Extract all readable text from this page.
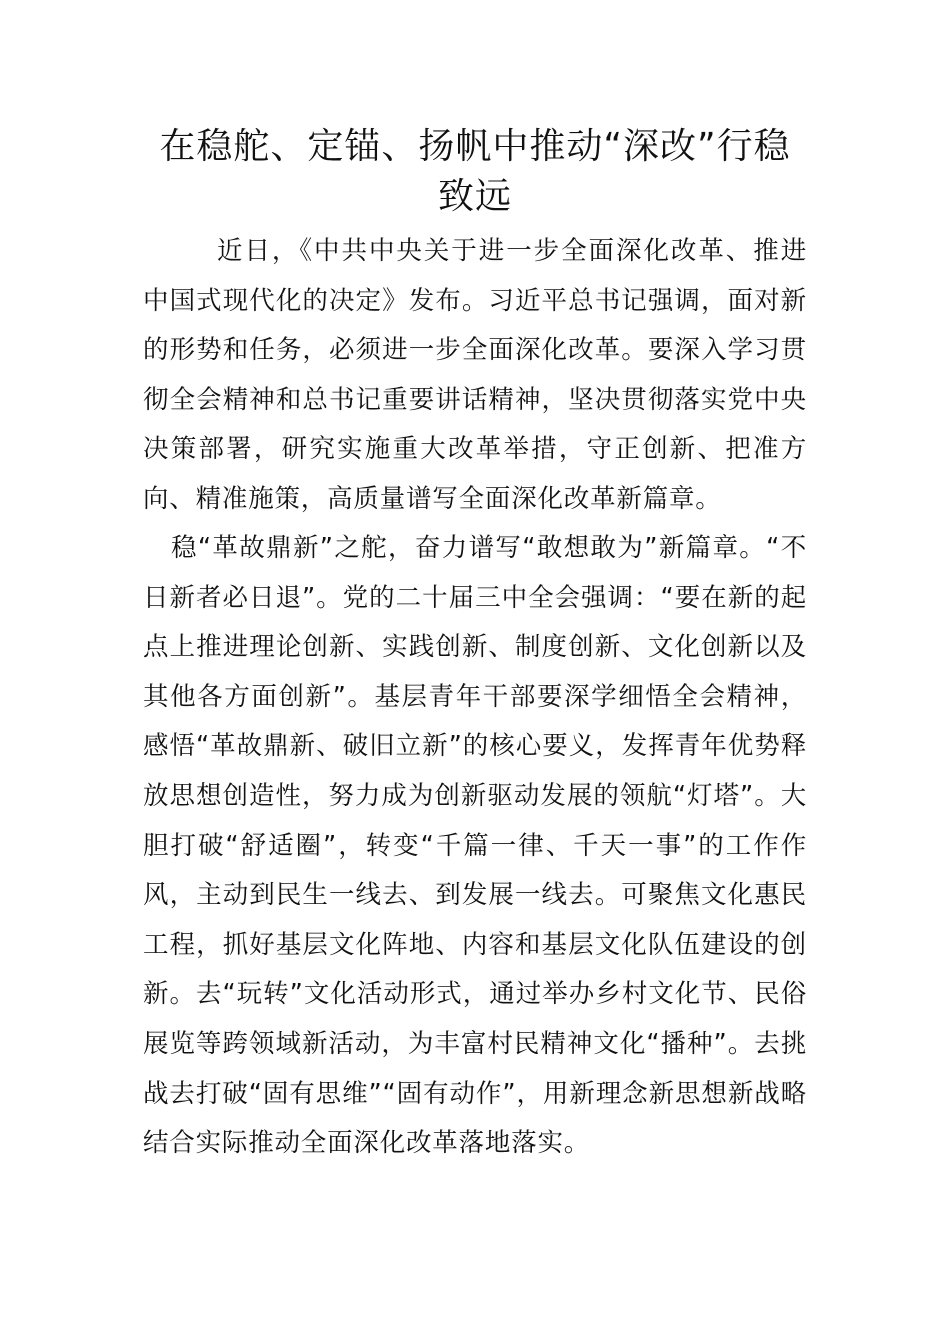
在稳舵、定锚、扬帆中推动“深改”行稳致远

近日，《中共中央关于进一步全面深化改革、推进中国式现代化的决定》发布。习近平总书记强调，面对新的形势和任务，必须进一步全面深化改革。要深入学习贯彻全会精神和总书记重要讲话精神，坚决贯彻落实党中央决策部署，研究实施重大改革举措，守正创新、把准方向、精准施策，高质量谱写全面深化改革新篇章。

稳“革故鼎新”之舵，奋力谱写“敢想敢为”新篇章。“不日新者必日退”。党的二十届三中全会强调：“要在新的起点上推进理论创新、实践创新、制度创新、文化创新以及其他各方面创新”。基层青年干部要深学细悟全会精神，感悟“革故鼎新、破旧立新”的核心要义，发挥青年优势释放思想创造性，努力成为创新驱动发展的领航“灯塔”。大胆打破“舒适圈”，转变“千篇一律、千天一事”的工作作风，主动到民生一线去、到发展一线去。可聚焦文化惠民工程，抓好基层文化阵地、内容和基层文化队伍建设的创新。去“玩转”文化活动形式，通过举办乡村文化节、民俗展览等跨领域新活动，为丰富村民精神文化“播种”。去挑战去打破“固有思维”“固有动作”，用新理念新思想新战略结合实际推动全面深化改革落地落实。
